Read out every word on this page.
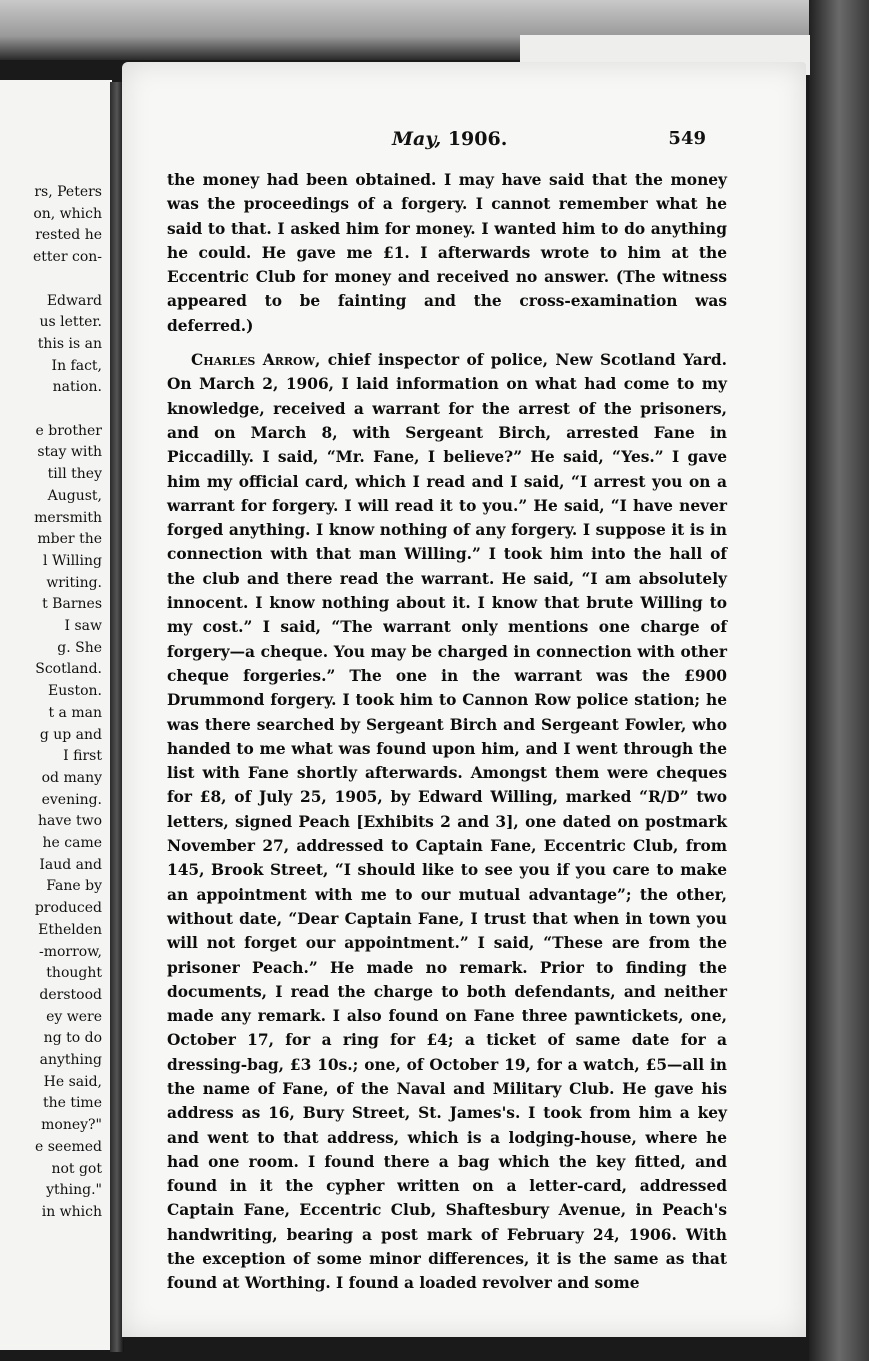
rs, Peters
on, which
rested he
etter con-
Edward
us letter.
this is an
In fact,
nation.
e brother
stay with
till they
August,
mersmith
mber the
l Willing
writing.
t Barnes
I saw
g. She
Scotland.
Euston.
t a man
g up and
I first
od many
evening.
have two
he came
Iaud and
Fane by
produced
Ethelden
-morrow,
thought
derstood
ey were
ng to do
anything
He said,
the time
money?"
e seemed
not got
ything."
in which
May, 1906.	549

the money had been obtained. I may have said that the money was the proceedings of a forgery. I cannot remember what he said to that. I asked him for money. I wanted him to do anything he could. He gave me £1. I afterwards wrote to him at the Eccentric Club for money and received no answer. (The witness appeared to be fainting and the cross-examination was deferred.)

Charles Arrow, chief inspector of police, New Scotland Yard. On March 2, 1906, I laid information on what had come to my knowledge, received a warrant for the arrest of the prisoners, and on March 8, with Sergeant Birch, arrested Fane in Piccadilly. I said, “Mr. Fane, I believe?” He said, “Yes.” I gave him my official card, which I read and I said, “I arrest you on a warrant for forgery. I will read it to you.” He said, “I have never forged anything. I know nothing of any forgery. I suppose it is in connection with that man Willing.” I took him into the hall of the club and there read the warrant. He said, “I am absolutely innocent. I know nothing about it. I know that brute Willing to my cost.” I said, “The warrant only mentions one charge of forgery—a cheque. You may be charged in connection with other cheque forgeries.” The one in the warrant was the £900 Drummond forgery. I took him to Cannon Row police station; he was there searched by Sergeant Birch and Sergeant Fowler, who handed to me what was found upon him, and I went through the list with Fane shortly afterwards. Amongst them were cheques for £8, of July 25, 1905, by Edward Willing, marked “R/D” two letters, signed Peach [Exhibits 2 and 3], one dated on postmark November 27, addressed to Captain Fane, Eccentric Club, from 145, Brook Street, “I should like to see you if you care to make an appointment with me to our mutual advantage”; the other, without date, “Dear Captain Fane, I trust that when in town you will not forget our appointment.” I said, “These are from the prisoner Peach.” He made no remark. Prior to finding the documents, I read the charge to both defendants, and neither made any remark. I also found on Fane three pawntickets, one, October 17, for a ring for £4; a ticket of same date for a dressing-bag, £3 10s.; one, of October 19, for a watch, £5—all in the name of Fane, of the Naval and Military Club. He gave his address as 16, Bury Street, St. James's. I took from him a key and went to that address, which is a lodging-house, where he had one room. I found there a bag which the key fitted, and found in it the cypher written on a letter-card, addressed Captain Fane, Eccentric Club, Shaftesbury Avenue, in Peach's handwriting, bearing a post mark of February 24, 1906. With the exception of some minor differences, it is the same as that found at Worthing. I found a loaded revolver and some
